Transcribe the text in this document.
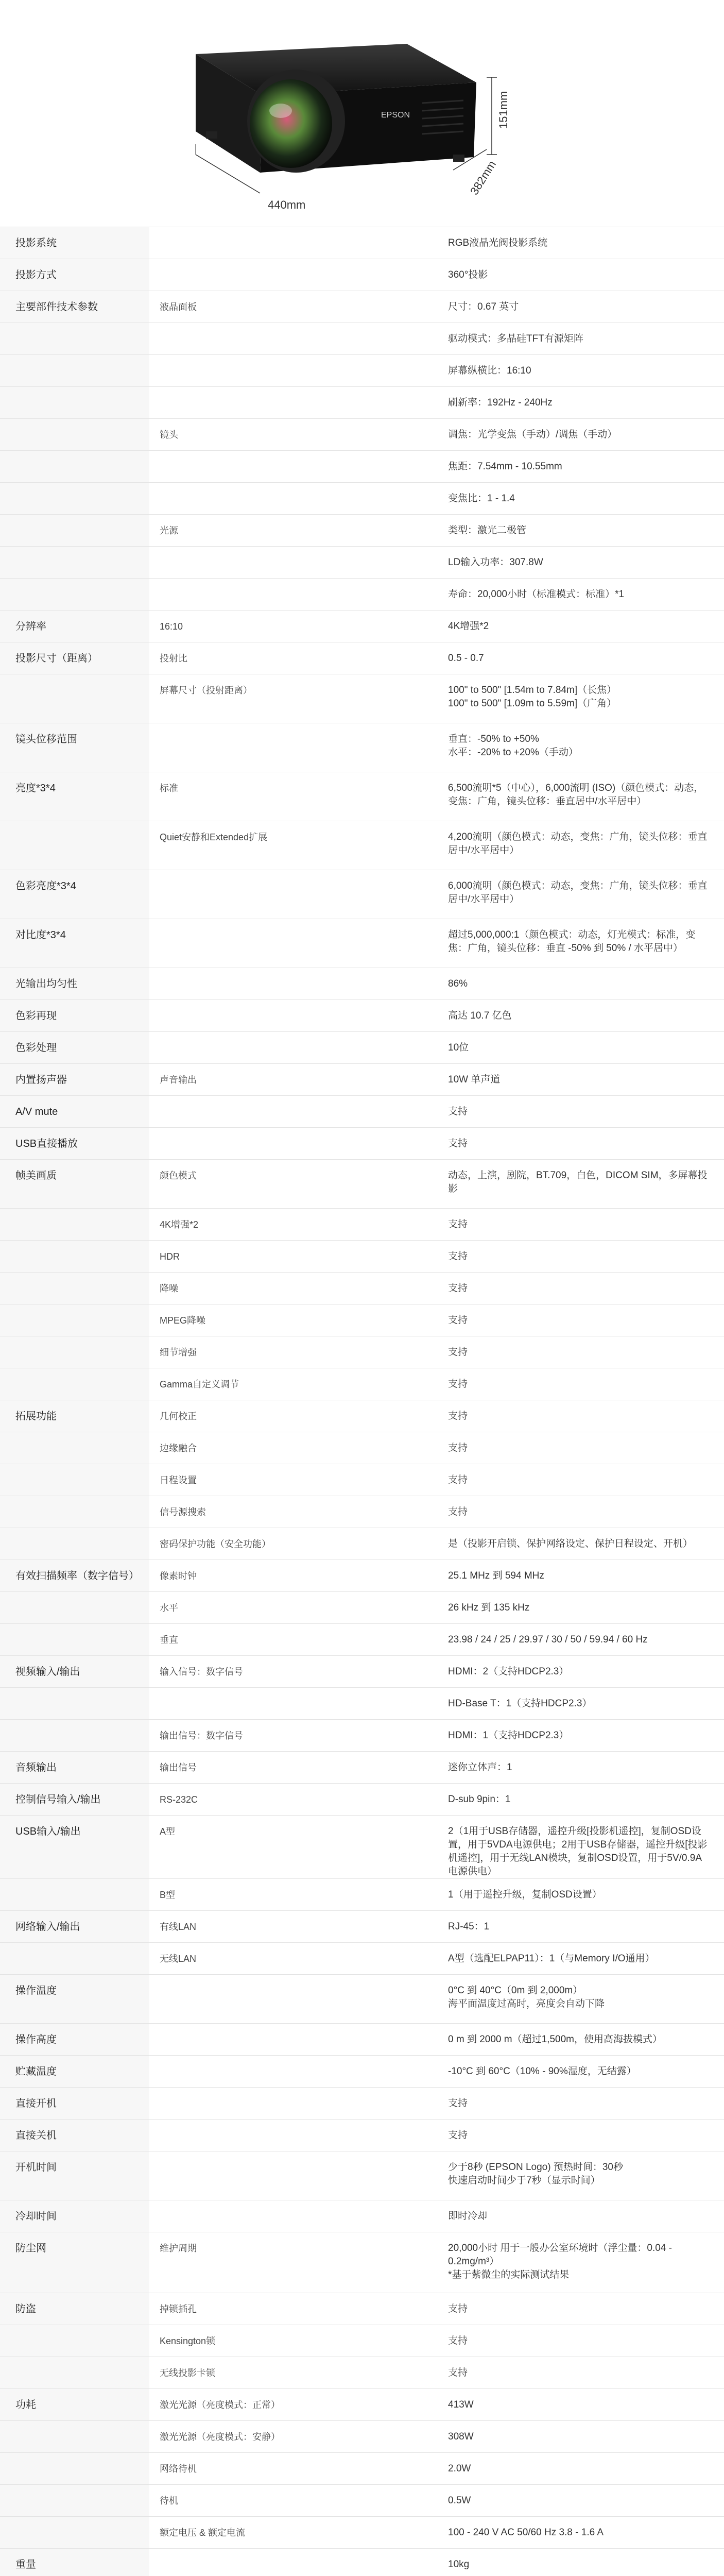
EPSON
440mm
151mm
382mm
投影系统		RGB液晶光阀投影系统
投影方式		360°投影
主要部件技术参数	液晶面板	尺寸：0.67 英寸
		驱动模式：多晶硅TFT有源矩阵
		屏幕纵横比：16:10
		刷新率：192Hz - 240Hz
	镜头	调焦：光学变焦（手动）/调焦（手动）
		焦距：7.54mm - 10.55mm
		变焦比：1 - 1.4
	光源	类型：激光二极管
		LD输入功率：307.8W
		寿命：20,000小时（标准模式：标准）*1
分辨率	16:10	4K增强*2
投影尺寸（距离）	投射比	0.5 - 0.7
	屏幕尺寸（投射距离）	100" to 500" [1.54m to 7.84m]（长焦）
100" to 500" [1.09m to 5.59m]（广角）
镜头位移范围		垂直：-50% to +50%
水平：-20% to +20%（手动）
亮度*3*4	标准	6,500流明*5（中心），6,000流明 (ISO)（颜色模式：动态，变焦：广角，镜头位移：垂直居中/水平居中）
	Quiet安静和Extended扩展	4,200流明（颜色模式：动态，变焦：广角，镜头位移：垂直居中/水平居中）
色彩亮度*3*4		6,000流明（颜色模式：动态，变焦：广角，镜头位移：垂直居中/水平居中）
对比度*3*4		超过5,000,000:1（颜色模式：动态，灯光模式：标准，变焦：广角，镜头位移：垂直 -50% 到 50% / 水平居中）
光输出均匀性		86%
色彩再现		高达 10.7 亿色
色彩处理		10位
内置扬声器	声音输出	10W 单声道
A/V mute		支持
USB直接播放		支持
帧美画质	颜色模式	动态，上演，剧院，BT.709，白色，DICOM SIM，多屏幕投影
	4K增强*2	支持
	HDR	支持
	降噪	支持
	MPEG降噪	支持
	细节增强	支持
	Gamma自定义调节	支持
拓展功能	几何校正	支持
	边缘融合	支持
	日程设置	支持
	信号源搜索	支持
	密码保护功能（安全功能）	是（投影开启锁、保护网络设定、保护日程设定、开机）
有效扫描频率（数字信号）	像素时钟	25.1 MHz 到 594 MHz
	水平	26 kHz 到 135 kHz
	垂直	23.98 / 24 / 25 / 29.97 / 30 / 50 / 59.94 / 60 Hz
视频输入/输出	输入信号：数字信号	HDMI：2（支持HDCP2.3）
		HD-Base T：1（支持HDCP2.3）
	输出信号：数字信号	HDMI：1（支持HDCP2.3）
音频输出	输出信号	迷你立体声：1
控制信号输入/输出	RS-232C	D-sub 9pin：1
USB输入/输出	A型	2（1用于USB存储器，遥控升级[投影机遥控]，复制OSD设置，用于5VDA电源供电；2用于USB存储器，遥控升级[投影机遥控]，用于无线LAN模块，复制OSD设置，用于5V/0.9A电源供电）
	B型	1（用于遥控升级，复制OSD设置）
网络输入/输出	有线LAN	RJ-45：1
	无线LAN	A型（选配ELPAP11）：1（与Memory I/O通用）
操作温度		0°C 到 40°C（0m 到 2,000m）
海平面温度过高时，亮度会自动下降
操作高度		0 m 到 2000 m（超过1,500m，使用高海拔模式）
贮藏温度		-10°C 到 60°C（10% - 90%湿度，无结露）
直接开机		支持
直接关机		支持
开机时间		少于8秒 (EPSON Logo) 预热时间：30秒
快速启动时间少于7秒（显示时间）
冷却时间		即时冷却
防尘网	维护周期	20,000小时 用于一般办公室环境时（浮尘量：0.04 - 0.2mg/m³）
*基于紫微尘的实际测试结果
防盗	掉锁插孔	支持
	Kensington锁	支持
	无线投影卡锁	支持
功耗	激光光源（亮度模式：正常）	413W
	激光光源（亮度模式：安静）	308W
	网络待机	2.0W
	待机	0.5W
	额定电压 & 额定电流	100 - 240 V AC 50/60 Hz 3.8 - 1.6 A
重量		10kg
